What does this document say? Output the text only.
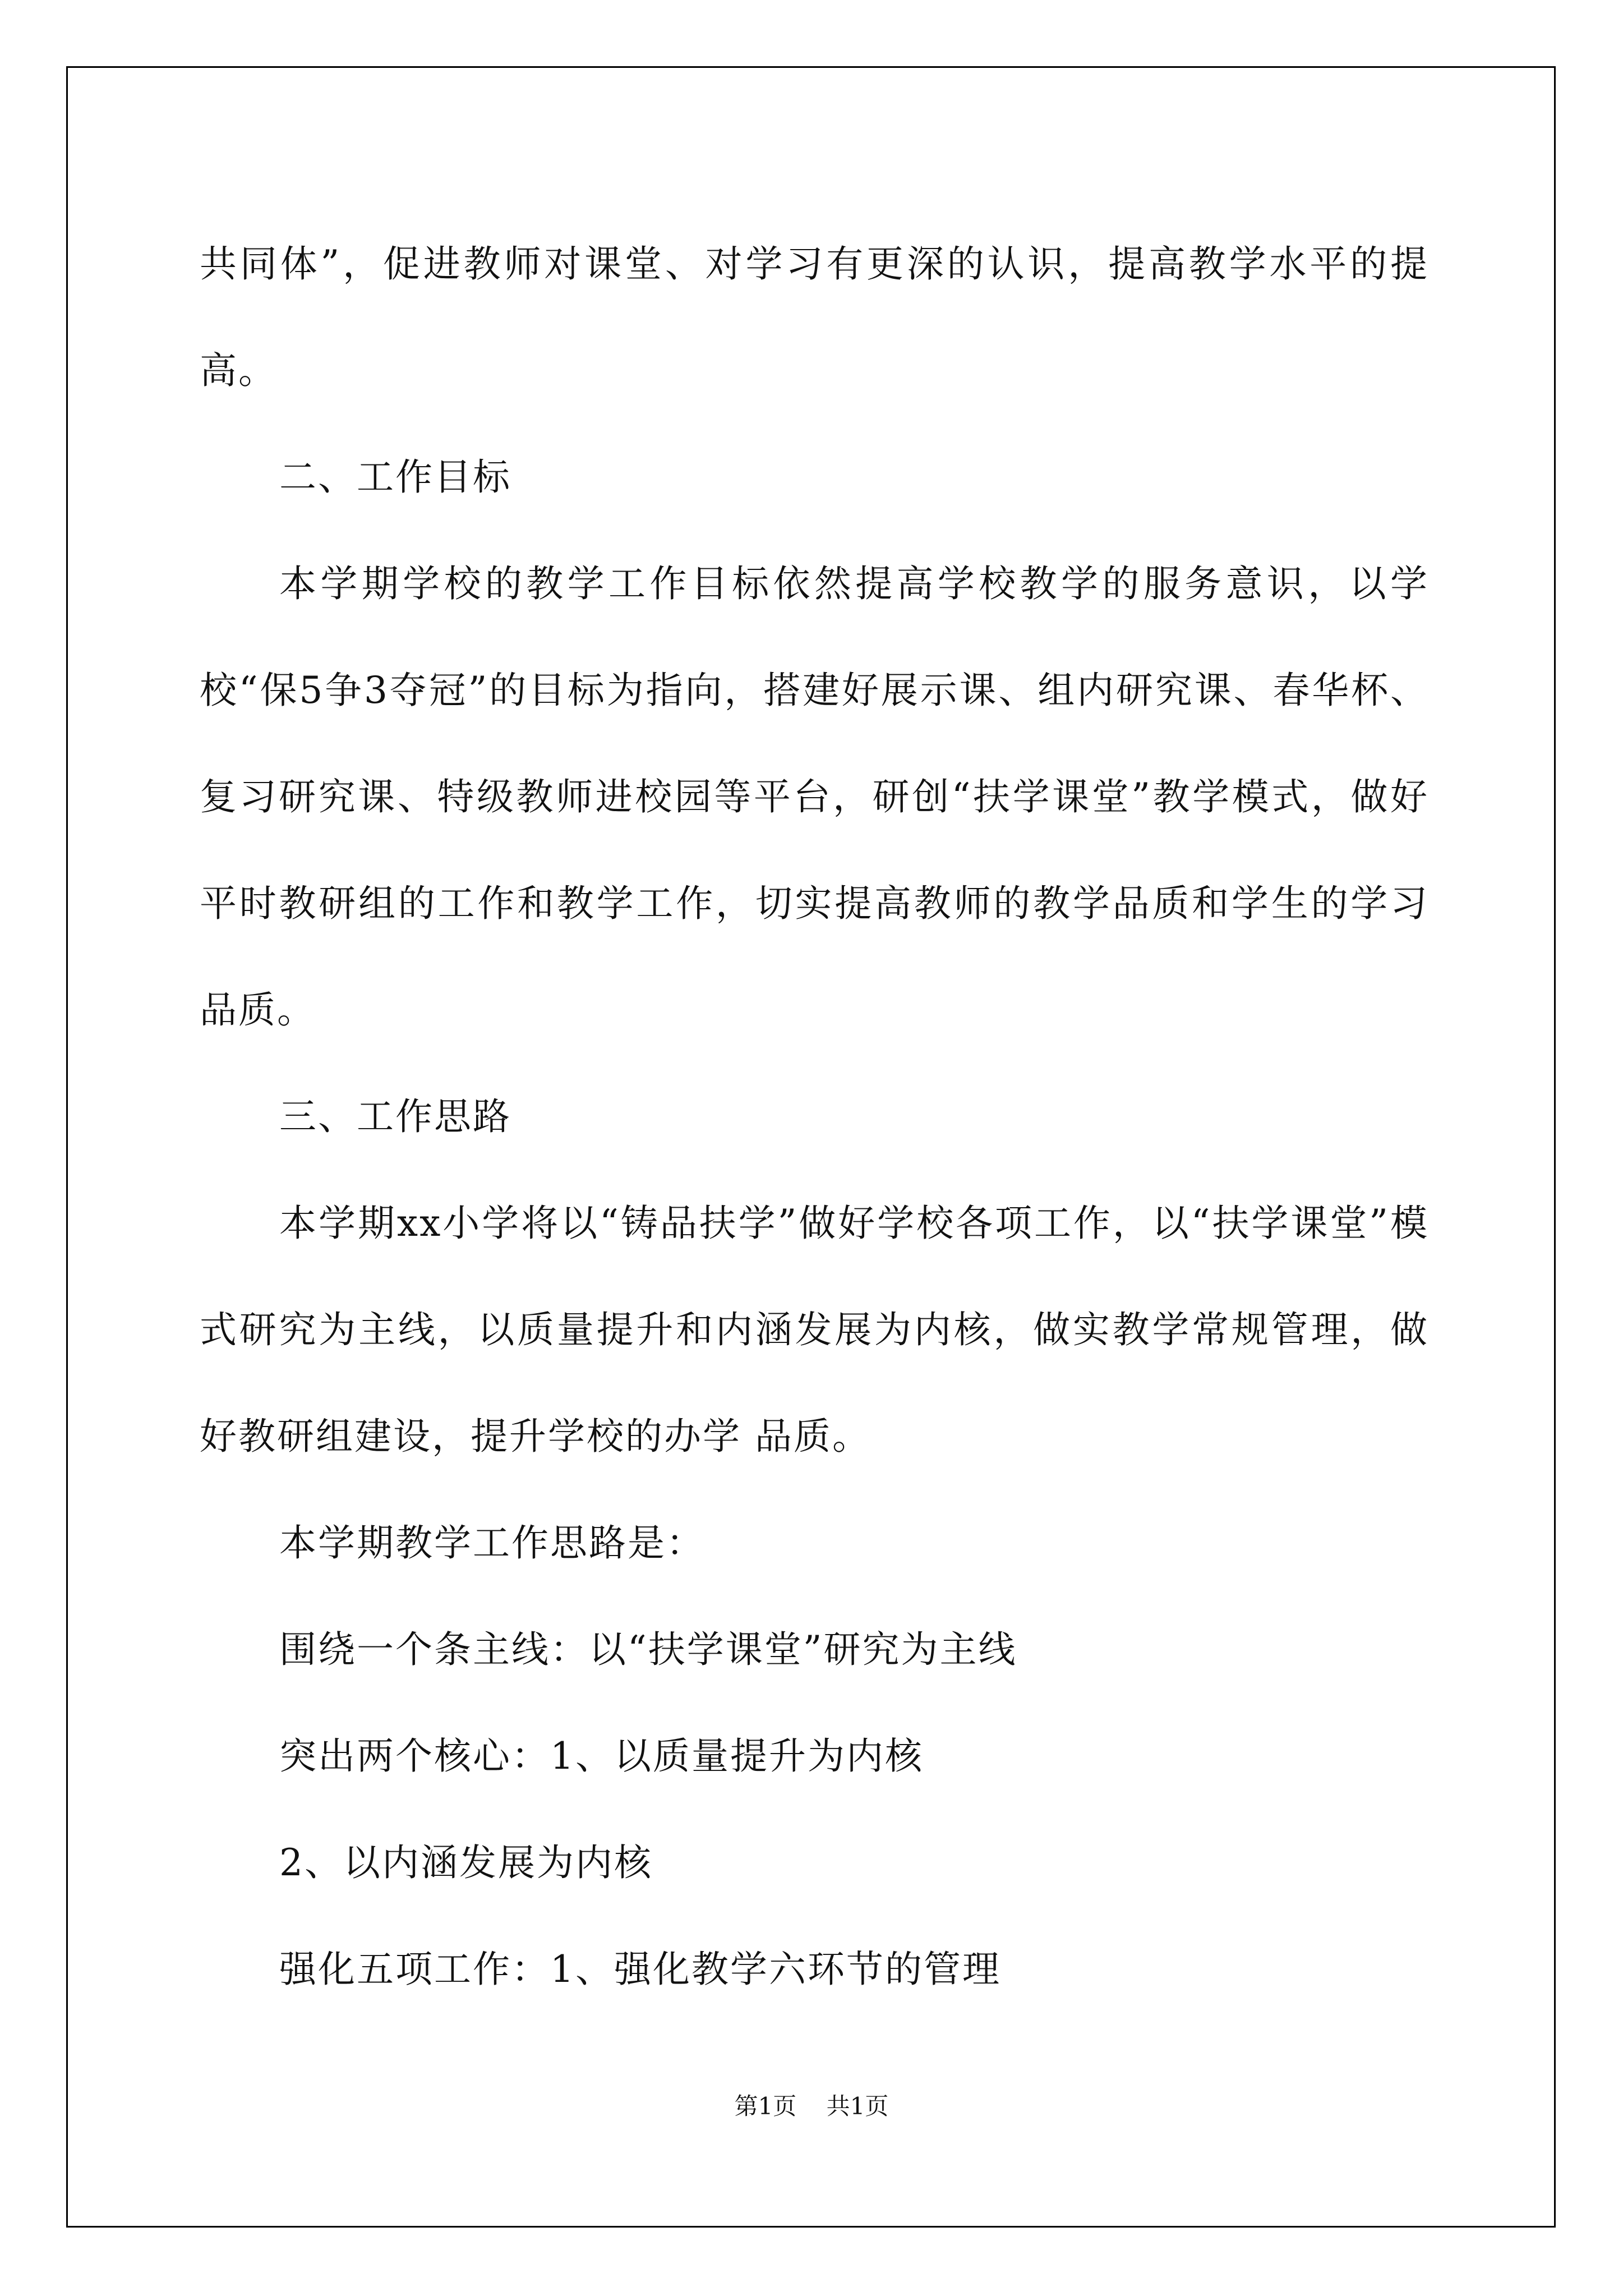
共同体”，促进教师对课堂、对学习有更深的认识，提高教学水平的提高。

二、工作目标

本学期学校的教学工作目标依然提高学校教学的服务意识，以学校“保5争3夺冠”的目标为指向，搭建好展示课、组内研究课、春华杯、复习研究课、特级教师进校园等平台，研创“扶学课堂”教学模式，做好平时教研组的工作和教学工作，切实提高教师的教学品质和学生的学习品质。

三、工作思路

本学期xx小学将以“铸品扶学”做好学校各项工作，以“扶学课堂”模式研究为主线，以质量提升和内涵发展为内核，做实教学常规管理，做好教研组建设，提升学校的办学 品质。

本学期教学工作思路是：

围绕一个条主线：以“扶学课堂”研究为主线

突出两个核心：1、以质量提升为内核

2、以内涵发展为内核

强化五项工作：1、强化教学六环节的管理

第1页    共1页
